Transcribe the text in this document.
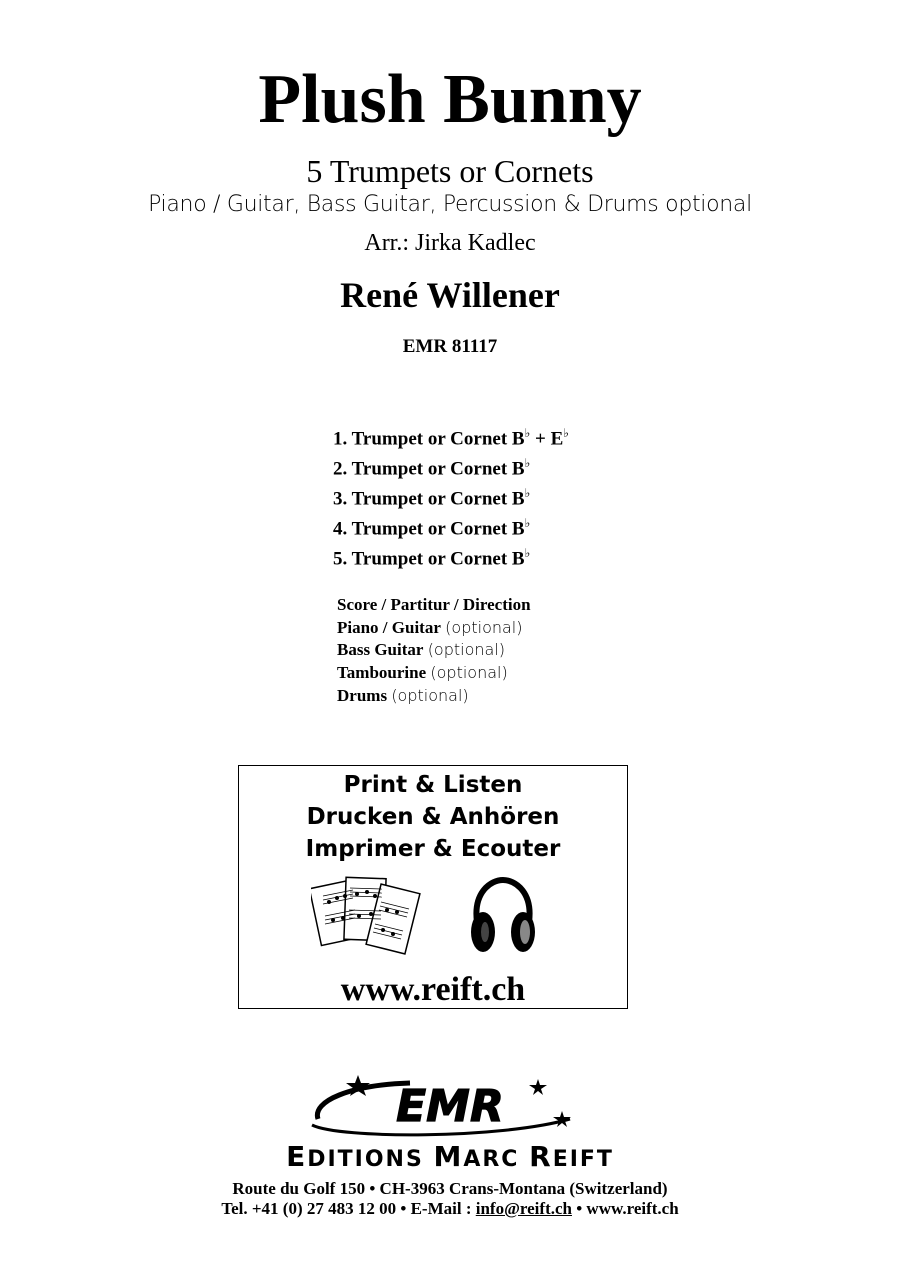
Plush Bunny
5 Trumpets or Cornets
Piano / Guitar, Bass Guitar, Percussion & Drums optional
Arr.: Jirka Kadlec
René Willener
EMR 81117
1. Trumpet or Cornet B♭ + E♭
2. Trumpet or Cornet B♭
3. Trumpet or Cornet B♭
4. Trumpet or Cornet B♭
5. Trumpet or Cornet B♭
Score / Partitur / Direction
Piano / Guitar (optional)
Bass Guitar (optional)
Tambourine (optional)
Drums (optional)
Print & Listen
Drucken & Anhören
Imprimer & Ecouter
www.reift.ch
EMR
EDITIONS MARC REIFT
Route du Golf 150 • CH-3963 Crans-Montana (Switzerland)
Tel. +41 (0) 27 483 12 00 • E-Mail : info@reift.ch • www.reift.ch
